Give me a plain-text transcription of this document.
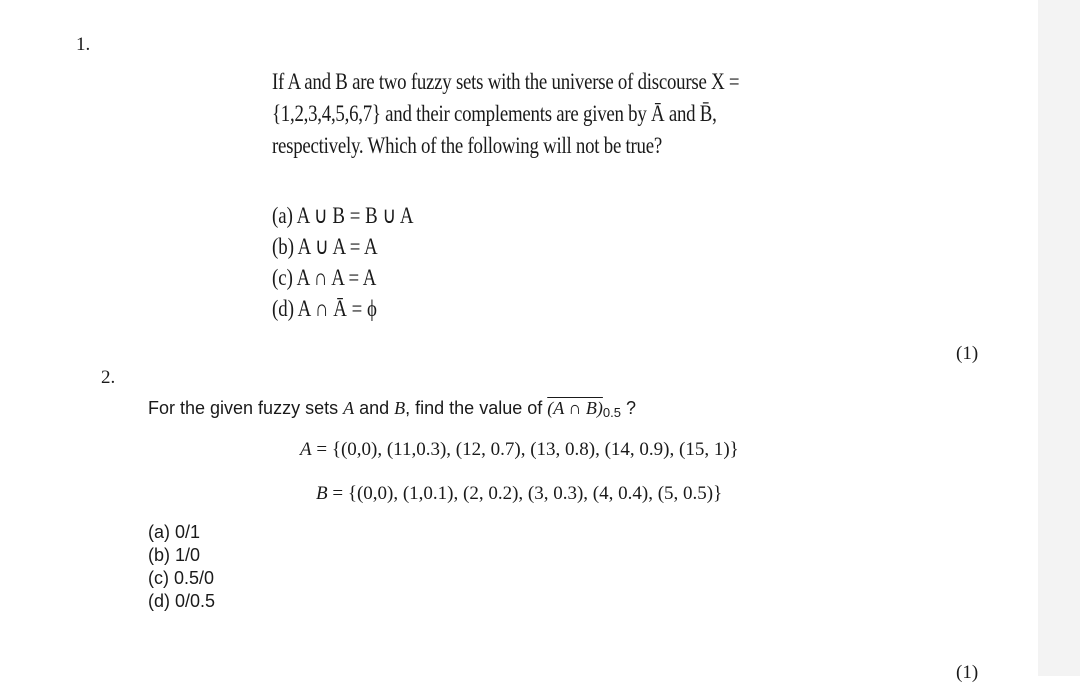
1.
If A and B are two fuzzy sets with the universe of discourse X =
{1,2,3,4,5,6,7} and their complements are given by Ā and B̄,
respectively. Which of the following will not be true?
(a) A ∪ B = B ∪ A
(b) A ∪ A = A
(c) A ∩ A = A
(d) A ∩ Ā = ϕ
(1)
2.
For the given fuzzy sets A and B, find the value of (A ∩ $B)_{0.5}$ ?
A = {(0,0), (11,0.3), (12, 0.7), (13, 0.8), (14, 0.9), (15, 1)}
B = {(0,0), (1,0.1), (2, 0.2), (3, 0.3), (4, 0.4), (5, 0.5)}
(a) 0/1
(b) 1/0
(c) 0.5/0
(d) 0/0.5
(1)
